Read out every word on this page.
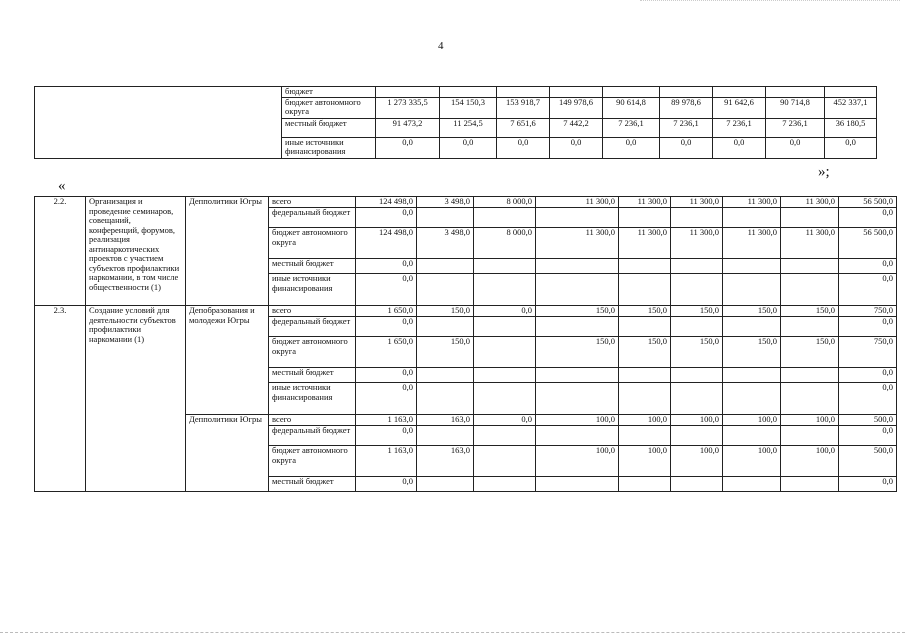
4
	бюджет									
	бюджет автономного округа	1 273 335,5	154 150,3	153 918,7	149 978,6	90 614,8	89 978,6	91 642,6	90 714,8	452 337,1
	местный бюджет	91 473,2	11 254,5	7 651,6	7 442,2	7 236,1	7 236,1	7 236,1	7 236,1	36 180,5
	иные источники финансирования	0,0	0,0	0,0	0,0	0,0	0,0	0,0	0,0	0,0
»;
«
2.2.	Организация и проведение семинаров, совещаний, конференций, форумов, реализация антинаркотических проектов с участием субъектов профилактики наркомании, в том числе общественности (1)	Депполитики Югры	всего	124 498,0	3 498,0	8 000,0	11 300,0	11 300,0	11 300,0	11 300,0	11 300,0	56 500,0
			федеральный бюджет	0,0								0,0
			бюджет автономного округа	124 498,0	3 498,0	8 000,0	11 300,0	11 300,0	11 300,0	11 300,0	11 300,0	56 500,0
			местный бюджет	0,0								0,0
			иные источники финансирования	0,0								0,0
2.3.	Создание условий для деятельности субъектов профилактики наркомании (1)	Депобразования и молодежи Югры	всего	1 650,0	150,0	0,0	150,0	150,0	150,0	150,0	150,0	750,0
			федеральный бюджет	0,0								0,0
			бюджет автономного округа	1 650,0	150,0		150,0	150,0	150,0	150,0	150,0	750,0
			местный бюджет	0,0								0,0
			иные источники финансирования	0,0								0,0
		Депполитики Югры	всего	1 163,0	163,0	0,0	100,0	100,0	100,0	100,0	100,0	500,0
			федеральный бюджет	0,0								0,0
			бюджет автономного округа	1 163,0	163,0		100,0	100,0	100,0	100,0	100,0	500,0
			местный бюджет	0,0								0,0
